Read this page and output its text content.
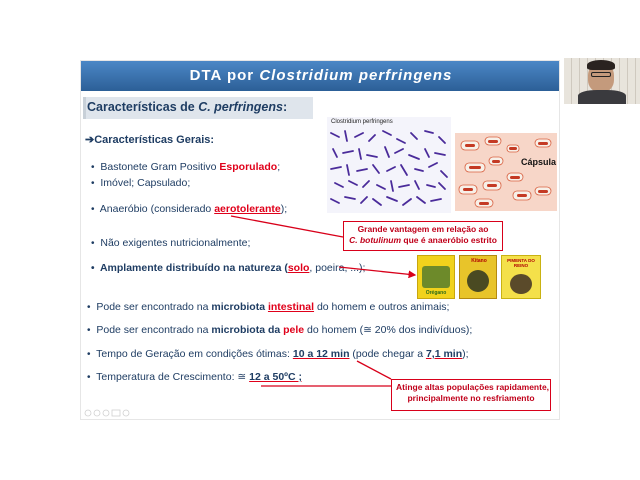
DTA por Clostridium perfringens
Características de C. perfringens:
➔Características Gerais:
• Bastonete Gram Positivo Esporulado;
• Imóvel; Capsulado;
• Anaeróbio (considerado aerotolerante);
• Não exigentes nutricionalmente;
• Amplamente distribuído na natureza (solo, poeira, ...);
• Pode ser encontrado na microbiota intestinal do homem e outros animais;
• Pode ser encontrado na microbiota da pele do homem (≅ 20% dos indivíduos);
• Tempo de Geração em condições ótimas: 10 a 12 min (pode chegar a 7,1 min);
• Temperatura de Crescimento: ≅ 12 a 50ºC ;
Clostridium perfringens
Cápsula
Grande vantagem em relação ao
C. botulinum que é anaeróbio estrito
Atinge altas populações rapidamente,
principalmente no resfriamento
Orégano
Kitano	PIMENTA DO REINO
